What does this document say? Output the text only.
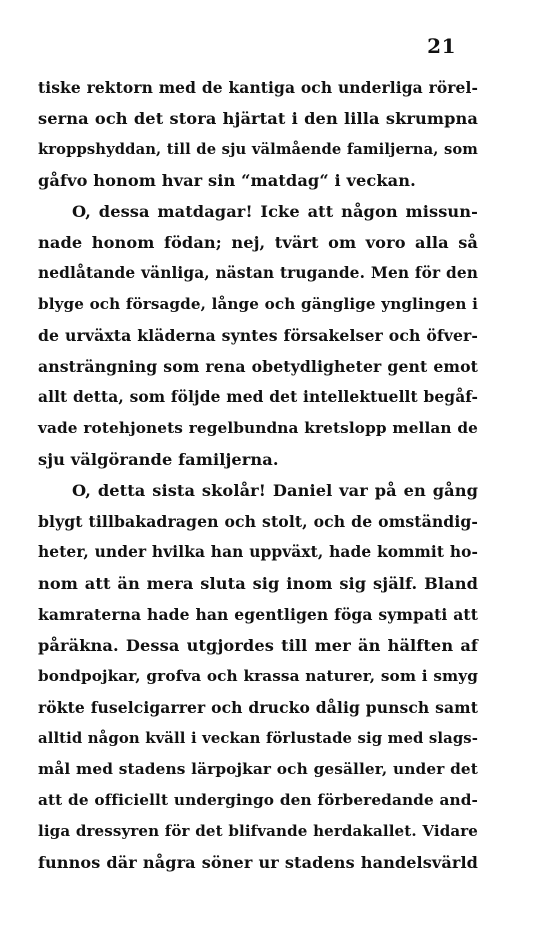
21
tiske rektorn med de kantiga och underliga rörel-
serna och det stora hjärtat i den lilla skrumpna
kroppshyddan, till de sju välmående familjerna, som
gåfvo honom hvar sin “matdag“ i veckan.
O, dessa matdagar! Icke att någon missun-
nade honom födan; nej, tvärt om voro alla så
nedlåtande vänliga, nästan trugande. Men för den
blyge och försagde, långe och gänglige ynglingen i
de urväxta kläderna syntes försakelser och öfver-
ansträngning som rena obetydligheter gent emot
allt detta, som följde med det intellektuellt begåf-
vade rotehjonets regelbundna kretslopp mellan de
sju välgörande familjerna.
O, detta sista skolår! Daniel var på en gång
blygt tillbakadragen och stolt, och de omständig-
heter, under hvilka han uppväxt, hade kommit ho-
nom att än mera sluta sig inom sig själf. Bland
kamraterna hade han egentligen föga sympati att
påräkna. Dessa utgjordes till mer än hälften af
bondpojkar, grofva och krassa naturer, som i smyg
rökte fuselcigarrer och drucko dålig punsch samt
alltid någon kväll i veckan förlustade sig med slags-
mål med stadens lärpojkar och gesäller, under det
att de officiellt undergingo den förberedande and-
liga dressyren för det blifvande herdakallet. Vidare
funnos där några söner ur stadens handelsvärld
